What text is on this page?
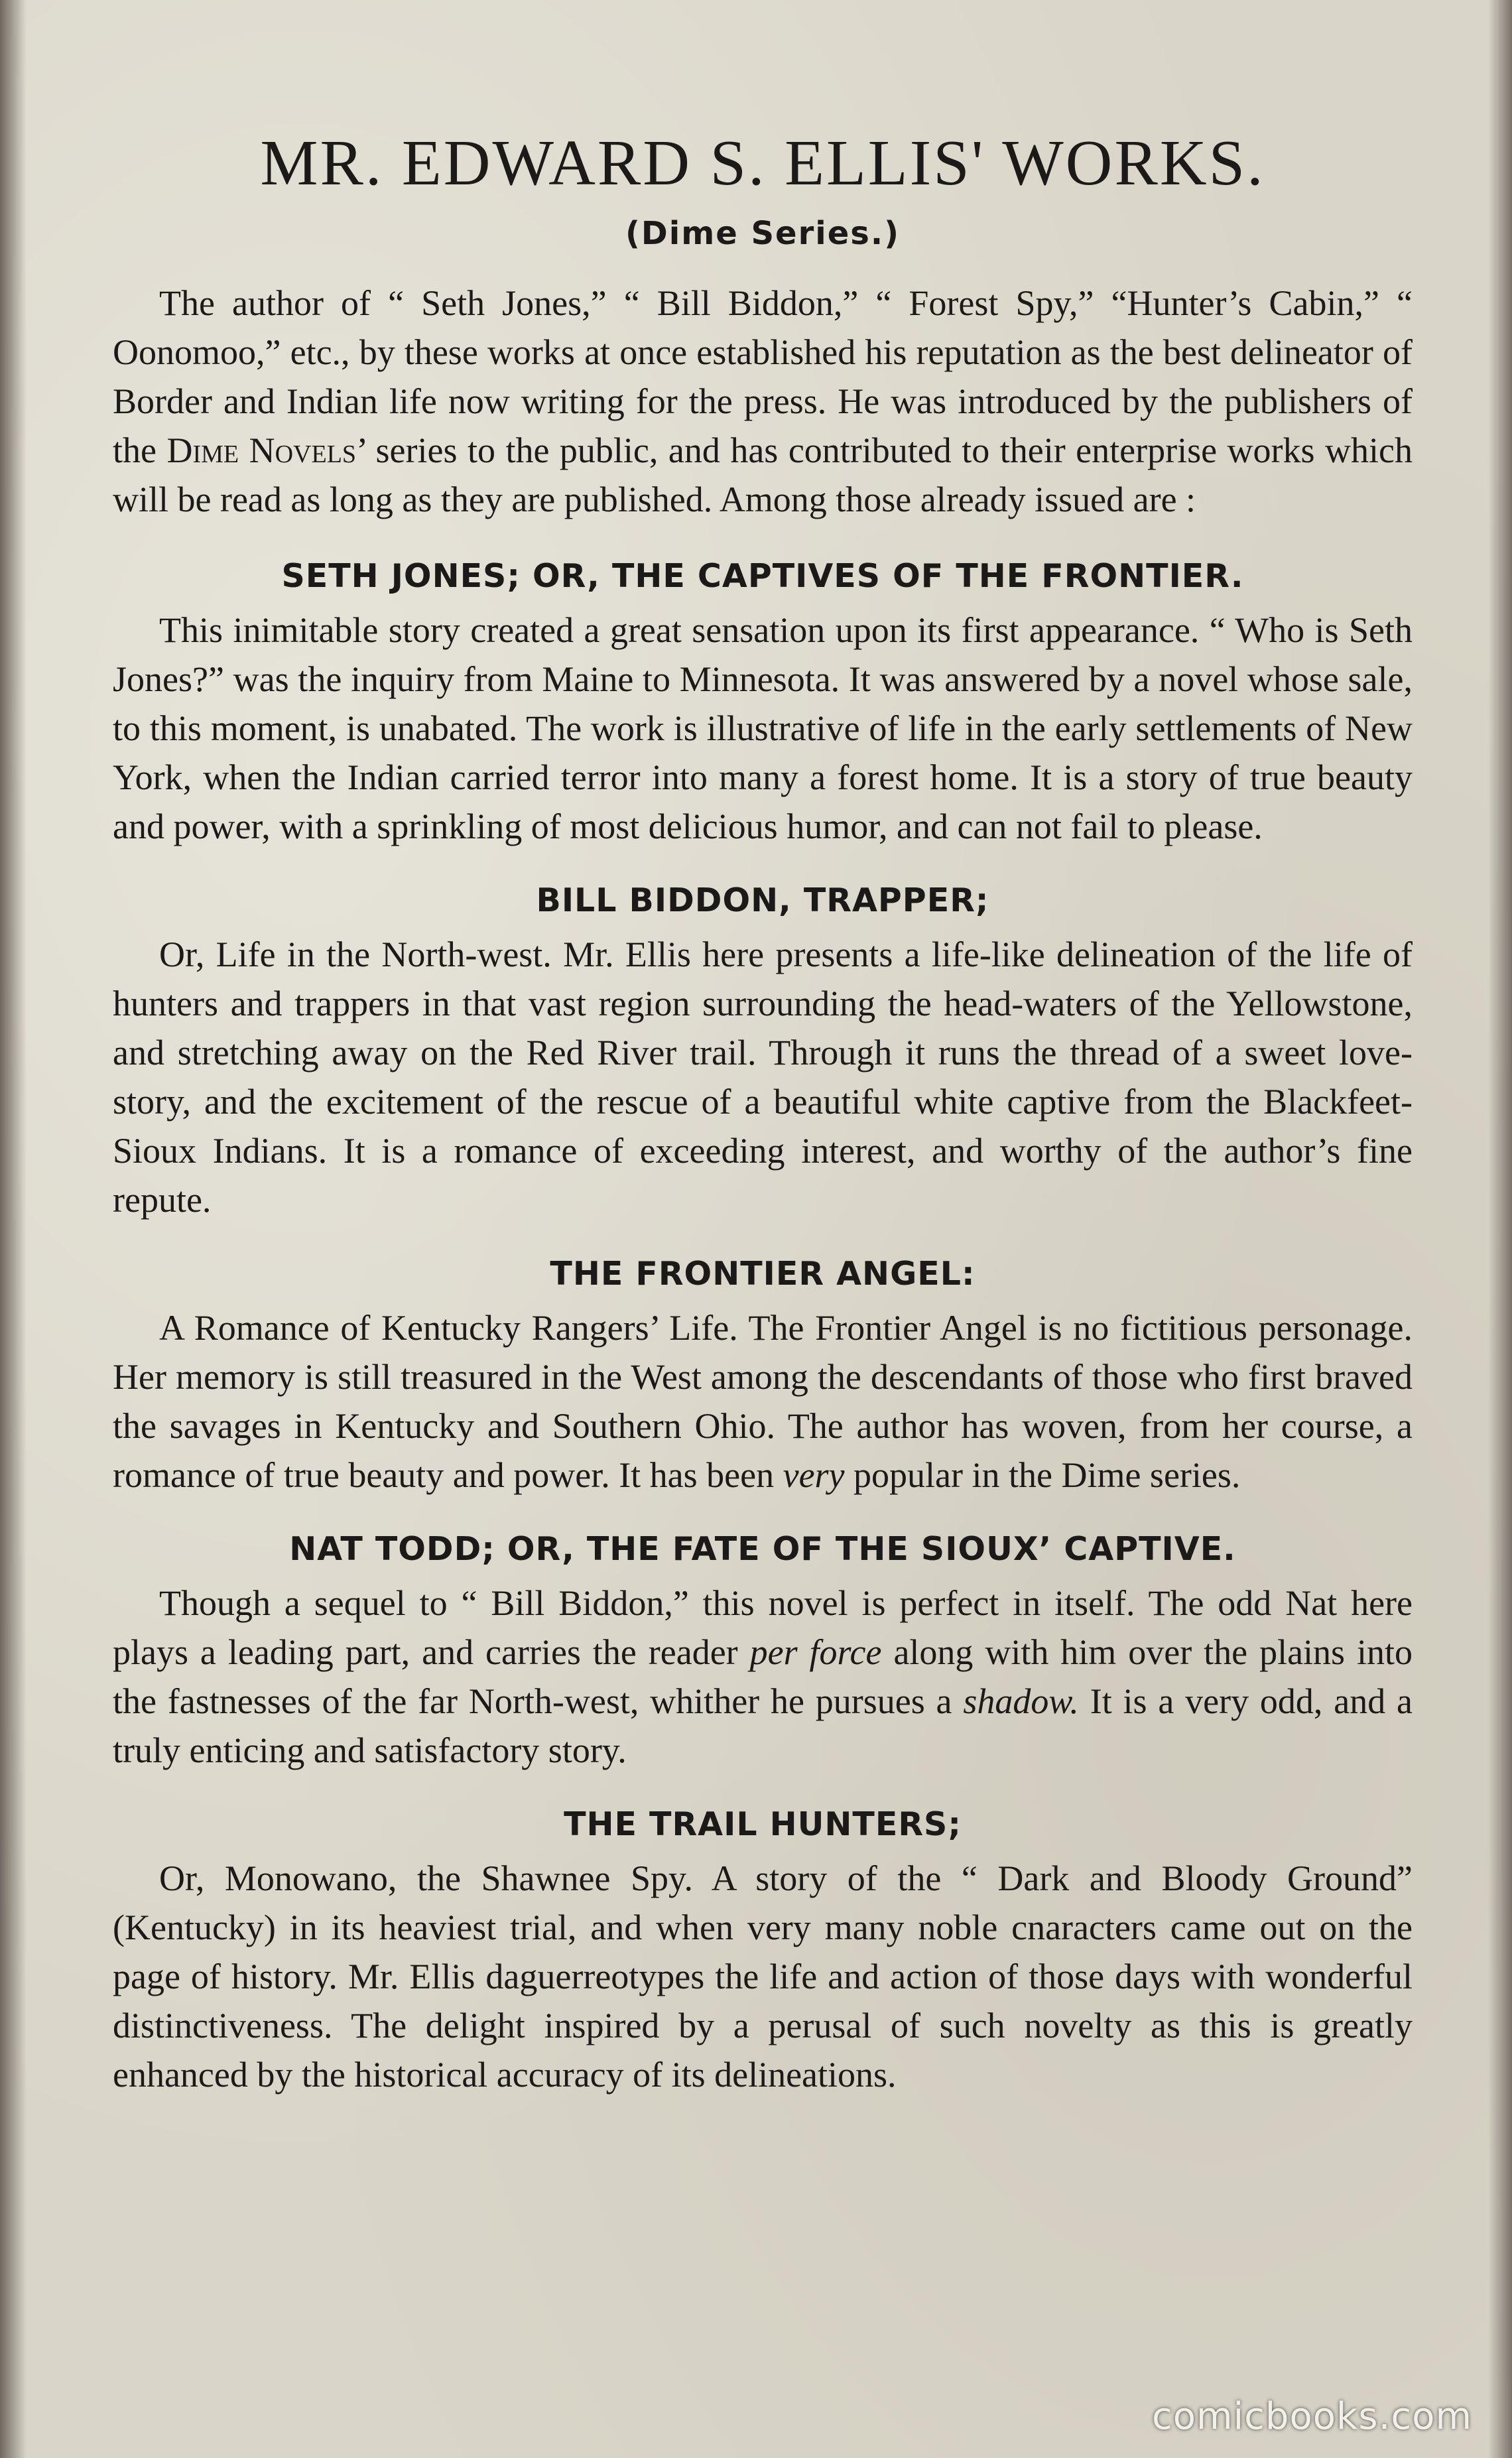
MR. EDWARD S. ELLIS' WORKS.
(Dime Series.)

The author of “ Seth Jones,” “ Bill Biddon,” “ Forest Spy,” “Hunter’s Cabin,” “ Oonomoo,” etc., by these works at once established his reputation as the best delineator of Border and Indian life now writing for the press. He was introduced by the publishers of the Dime Novels’ series to the public, and has contributed to their enterprise works which will be read as long as they are published. Among those already issued are :

SETH JONES; OR, THE CAPTIVES OF THE FRONTIER.

This inimitable story created a great sensation upon its first appearance. “ Who is Seth Jones?” was the inquiry from Maine to Minnesota. It was answered by a novel whose sale, to this moment, is unabated. The work is illustrative of life in the early settlements of New York, when the Indian carried terror into many a forest home. It is a story of true beauty and power, with a sprinkling of most delicious humor, and can not fail to please.

BILL BIDDON, TRAPPER;

Or, Life in the North-west. Mr. Ellis here presents a life-like delineation of the life of hunters and trappers in that vast region surrounding the head-waters of the Yellowstone, and stretching away on the Red River trail. Through it runs the thread of a sweet love-story, and the excitement of the rescue of a beautiful white captive from the Blackfeet-Sioux Indians. It is a romance of exceeding interest, and worthy of the author’s fine repute.

THE FRONTIER ANGEL:

A Romance of Kentucky Rangers’ Life. The Frontier Angel is no fictitious personage. Her memory is still treasured in the West among the descendants of those who first braved the savages in Kentucky and Southern Ohio. The author has woven, from her course, a romance of true beauty and power. It has been very popular in the Dime series.

NAT TODD; OR, THE FATE OF THE SIOUX’ CAPTIVE.

Though a sequel to “ Bill Biddon,” this novel is perfect in itself. The odd Nat here plays a leading part, and carries the reader per force along with him over the plains into the fastnesses of the far North-west, whither he pursues a shadow. It is a very odd, and a truly enticing and satisfactory story.

THE TRAIL HUNTERS;

Or, Monowano, the Shawnee Spy. A story of the “ Dark and Bloody Ground” (Kentucky) in its heaviest trial, and when very many noble cnaracters came out on the page of history. Mr. Ellis daguerreotypes the life and action of those days with wonderful distinctiveness. The delight inspired by a perusal of such novelty as this is greatly enhanced by the historical accuracy of its delineations.

comicbooks.com
